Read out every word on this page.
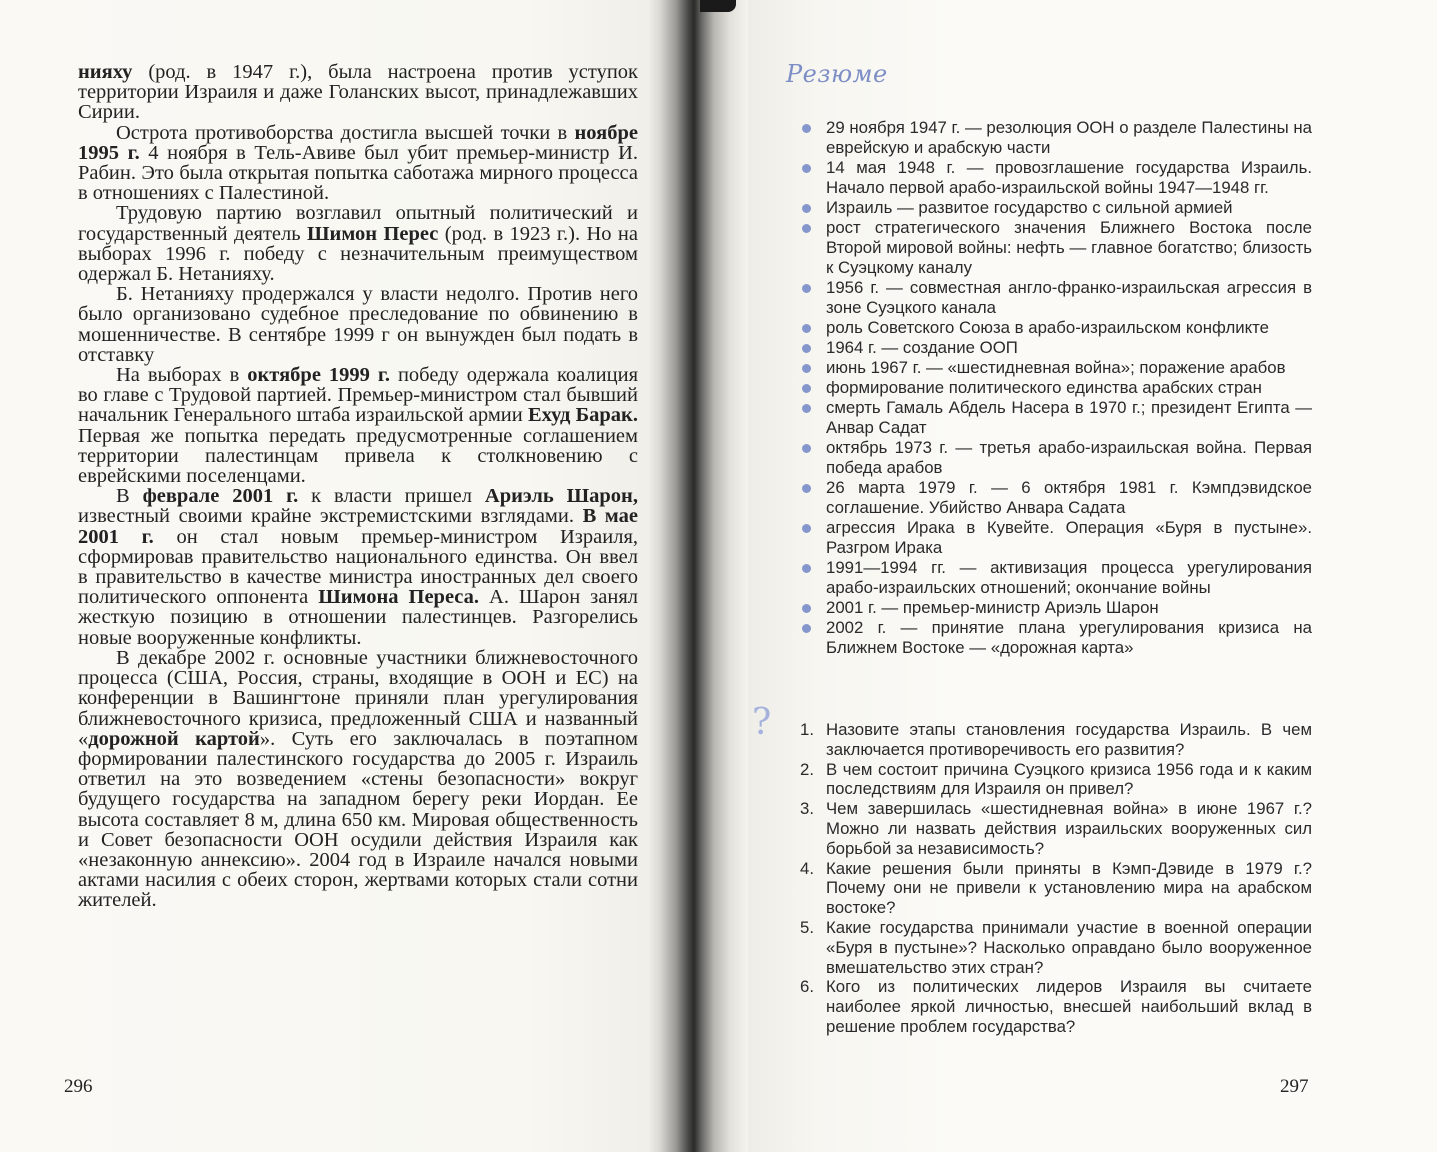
нияху (род. в 1947 г.), была настроена против уступок территории Израиля и даже Голанских высот, принадлежавших Сирии.

Острота противоборства достигла высшей точки в ноябре 1995 г. 4 ноября в Тель-Авиве был убит премьер-министр И. Рабин. Это была открытая попытка саботажа мирного процесса в отношениях с Палестиной.

Трудовую партию возглавил опытный политический и государственный деятель Шимон Перес (род. в 1923 г.). Но на выборах 1996 г. победу с незначительным преимуществом одержал Б. Нетанияху.

Б. Нетанияху продержался у власти недолго. Против него было организовано судебное преследование по обвинению в мошенничестве. В сентябре 1999 г он вынужден был подать в отставку

На выборах в октябре 1999 г. победу одержала коалиция во главе с Трудовой партией. Премьер-министром стал бывший начальник Генерального штаба израильской армии Ехуд Барак. Первая же попытка передать предусмотренные соглашением территории палестинцам привела к столкновению с еврейскими поселенцами.

В феврале 2001 г. к власти пришел Ариэль Шарон, известный своими крайне экстремистскими взглядами. В мае 2001 г. он стал новым премьер-министром Израиля, сформировав правительство национального единства. Он ввел в правительство в качестве министра иностранных дел своего политического оппонента Шимона Переса. А. Шарон занял жесткую позицию в отношении палестинцев. Разгорелись новые вооруженные конфликты.

В декабре 2002 г. основные участники ближневосточного процесса (США, Россия, страны, входящие в ООН и ЕС) на конференции в Вашингтоне приняли план урегулирования ближневосточного кризиса, предложенный США и названный «дорожной картой». Суть его заключалась в поэтапном формировании палестинского государства до 2005 г. Израиль ответил на это возведением «стены безопасности» вокруг будущего государства на западном берегу реки Иордан. Ее высота составляет 8 м, длина 650 км. Мировая общественность и Совет безопасности ООН осудили действия Израиля как «незаконную аннексию». 2004 год в Израиле начался новыми актами насилия с обеих сторон, жертвами которых стали сотни жителей.

296
Резюме
29 ноября 1947 г. — резолюция ООН о разделе Палестины на еврейскую и арабскую части
14 мая 1948 г. — провозглашение государства Израиль. Начало первой арабо-израильской войны 1947—1948 гг.
Израиль — развитое государство с сильной армией
рост стратегического значения Ближнего Востока после Второй мировой войны: нефть — главное богатство; близость к Суэцкому каналу
1956 г. — совместная англо-франко-израильская агрессия в зоне Суэцкого канала
роль Советского Союза в арабо-израильском конфликте
1964 г. — создание ООП
июнь 1967 г. — «шестидневная война»; поражение арабов
формирование политического единства арабских стран
смерть Гамаль Абдель Насера в 1970 г.; президент Египта — Анвар Садат
октябрь 1973 г. — третья арабо-израильская война. Первая победа арабов
26 марта 1979 г. — 6 октября 1981 г. Кэмпдэвидское соглашение. Убийство Анвара Садата
агрессия Ирака в Кувейте. Операция «Буря в пустыне». Разгром Ирака
1991—1994 гг. — активизация процесса урегулирования арабо-израильских отношений; окончание войны
2001 г. — премьер-министр Ариэль Шарон
2002 г. — принятие плана урегулирования кризиса на Ближнем Востоке — «дорожная карта»
? 1. Назовите этапы становления государства Израиль. В чем заключается противоречивость его развития?
2. В чем состоит причина Суэцкого кризиса 1956 года и к каким последствиям для Израиля он привел?
3. Чем завершилась «шестидневная война» в июне 1967 г.? Можно ли назвать действия израильских вооруженных сил борьбой за независимость?
4. Какие решения были приняты в Кэмп-Дэвиде в 1979 г.? Почему они не привели к установлению мира на арабском востоке?
5. Какие государства принимали участие в военной операции «Буря в пустыне»? Насколько оправдано было вооруженное вмешательство этих стран?
6. Кого из политических лидеров Израиля вы считаете наиболее яркой личностью, внесшей наибольший вклад в решение проблем государства?
297
